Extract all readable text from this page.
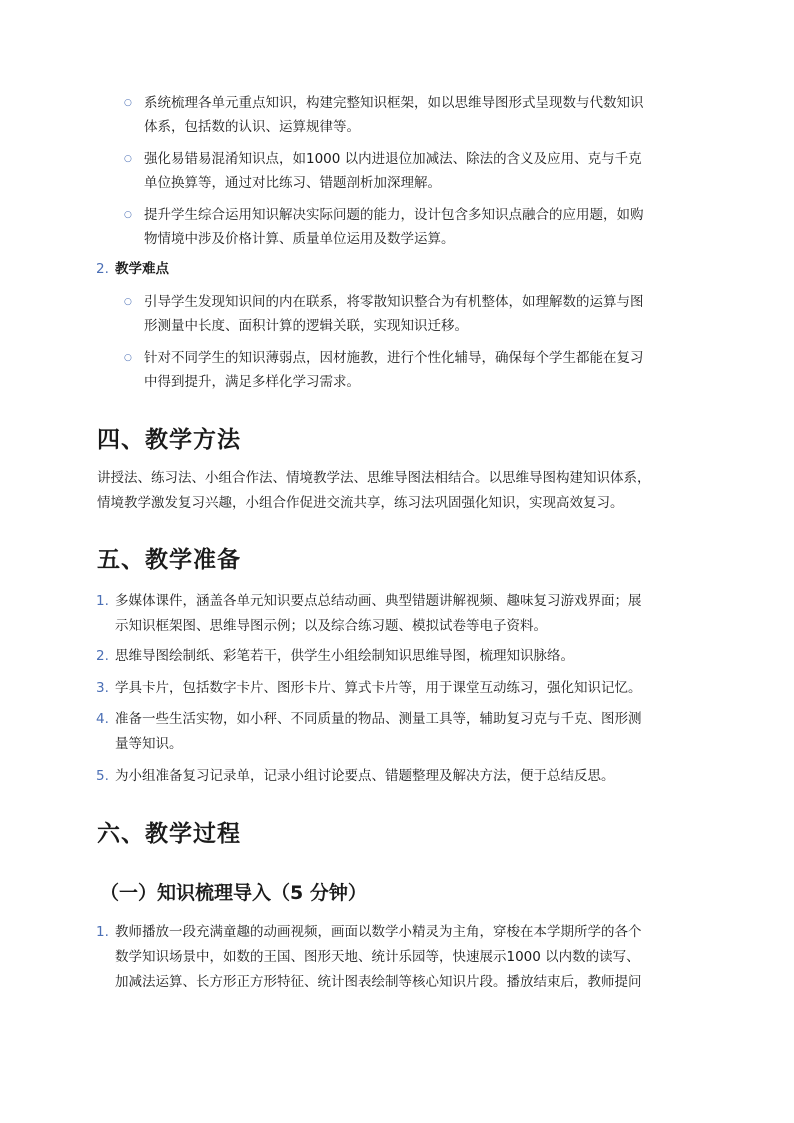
○ 系统梳理各单元重点知识，构建完整知识框架，如以思维导图形式呈现数与代数知识
体系，包括数的认识、运算规律等。
○ 强化易错易混淆知识点，如1000 以内进退位加减法、除法的含义及应用、克与千克
单位换算等，通过对比练习、错题剖析加深理解。
○ 提升学生综合运用知识解决实际问题的能力，设计包含多知识点融合的应用题，如购
物情境中涉及价格计算、质量单位运用及数学运算。
2. 教学难点
○ 引导学生发现知识间的内在联系，将零散知识整合为有机整体，如理解数的运算与图
形测量中长度、面积计算的逻辑关联，实现知识迁移。
○ 针对不同学生的知识薄弱点，因材施教，进行个性化辅导，确保每个学生都能在复习
中得到提升，满足多样化学习需求。
四、教学方法
讲授法、练习法、小组合作法、情境教学法、思维导图法相结合。以思维导图构建知识体系，
情境教学激发复习兴趣，小组合作促进交流共享，练习法巩固强化知识，实现高效复习。
五、教学准备
1. 多媒体课件，涵盖各单元知识要点总结动画、典型错题讲解视频、趣味复习游戏界面；展
示知识框架图、思维导图示例；以及综合练习题、模拟试卷等电子资料。
2. 思维导图绘制纸、彩笔若干，供学生小组绘制知识思维导图，梳理知识脉络。
3. 学具卡片，包括数字卡片、图形卡片、算式卡片等，用于课堂互动练习，强化知识记忆。
4. 准备一些生活实物，如小秤、不同质量的物品、测量工具等，辅助复习克与千克、图形测
量等知识。
5. 为小组准备复习记录单，记录小组讨论要点、错题整理及解决方法，便于总结反思。
六、教学过程
（一）知识梳理导入（5 分钟）
1. 教师播放一段充满童趣的动画视频，画面以数学小精灵为主角，穿梭在本学期所学的各个
数学知识场景中，如数的王国、图形天地、统计乐园等，快速展示1000 以内数的读写、
加减法运算、长方形正方形特征、统计图表绘制等核心知识片段。播放结束后，教师提问
